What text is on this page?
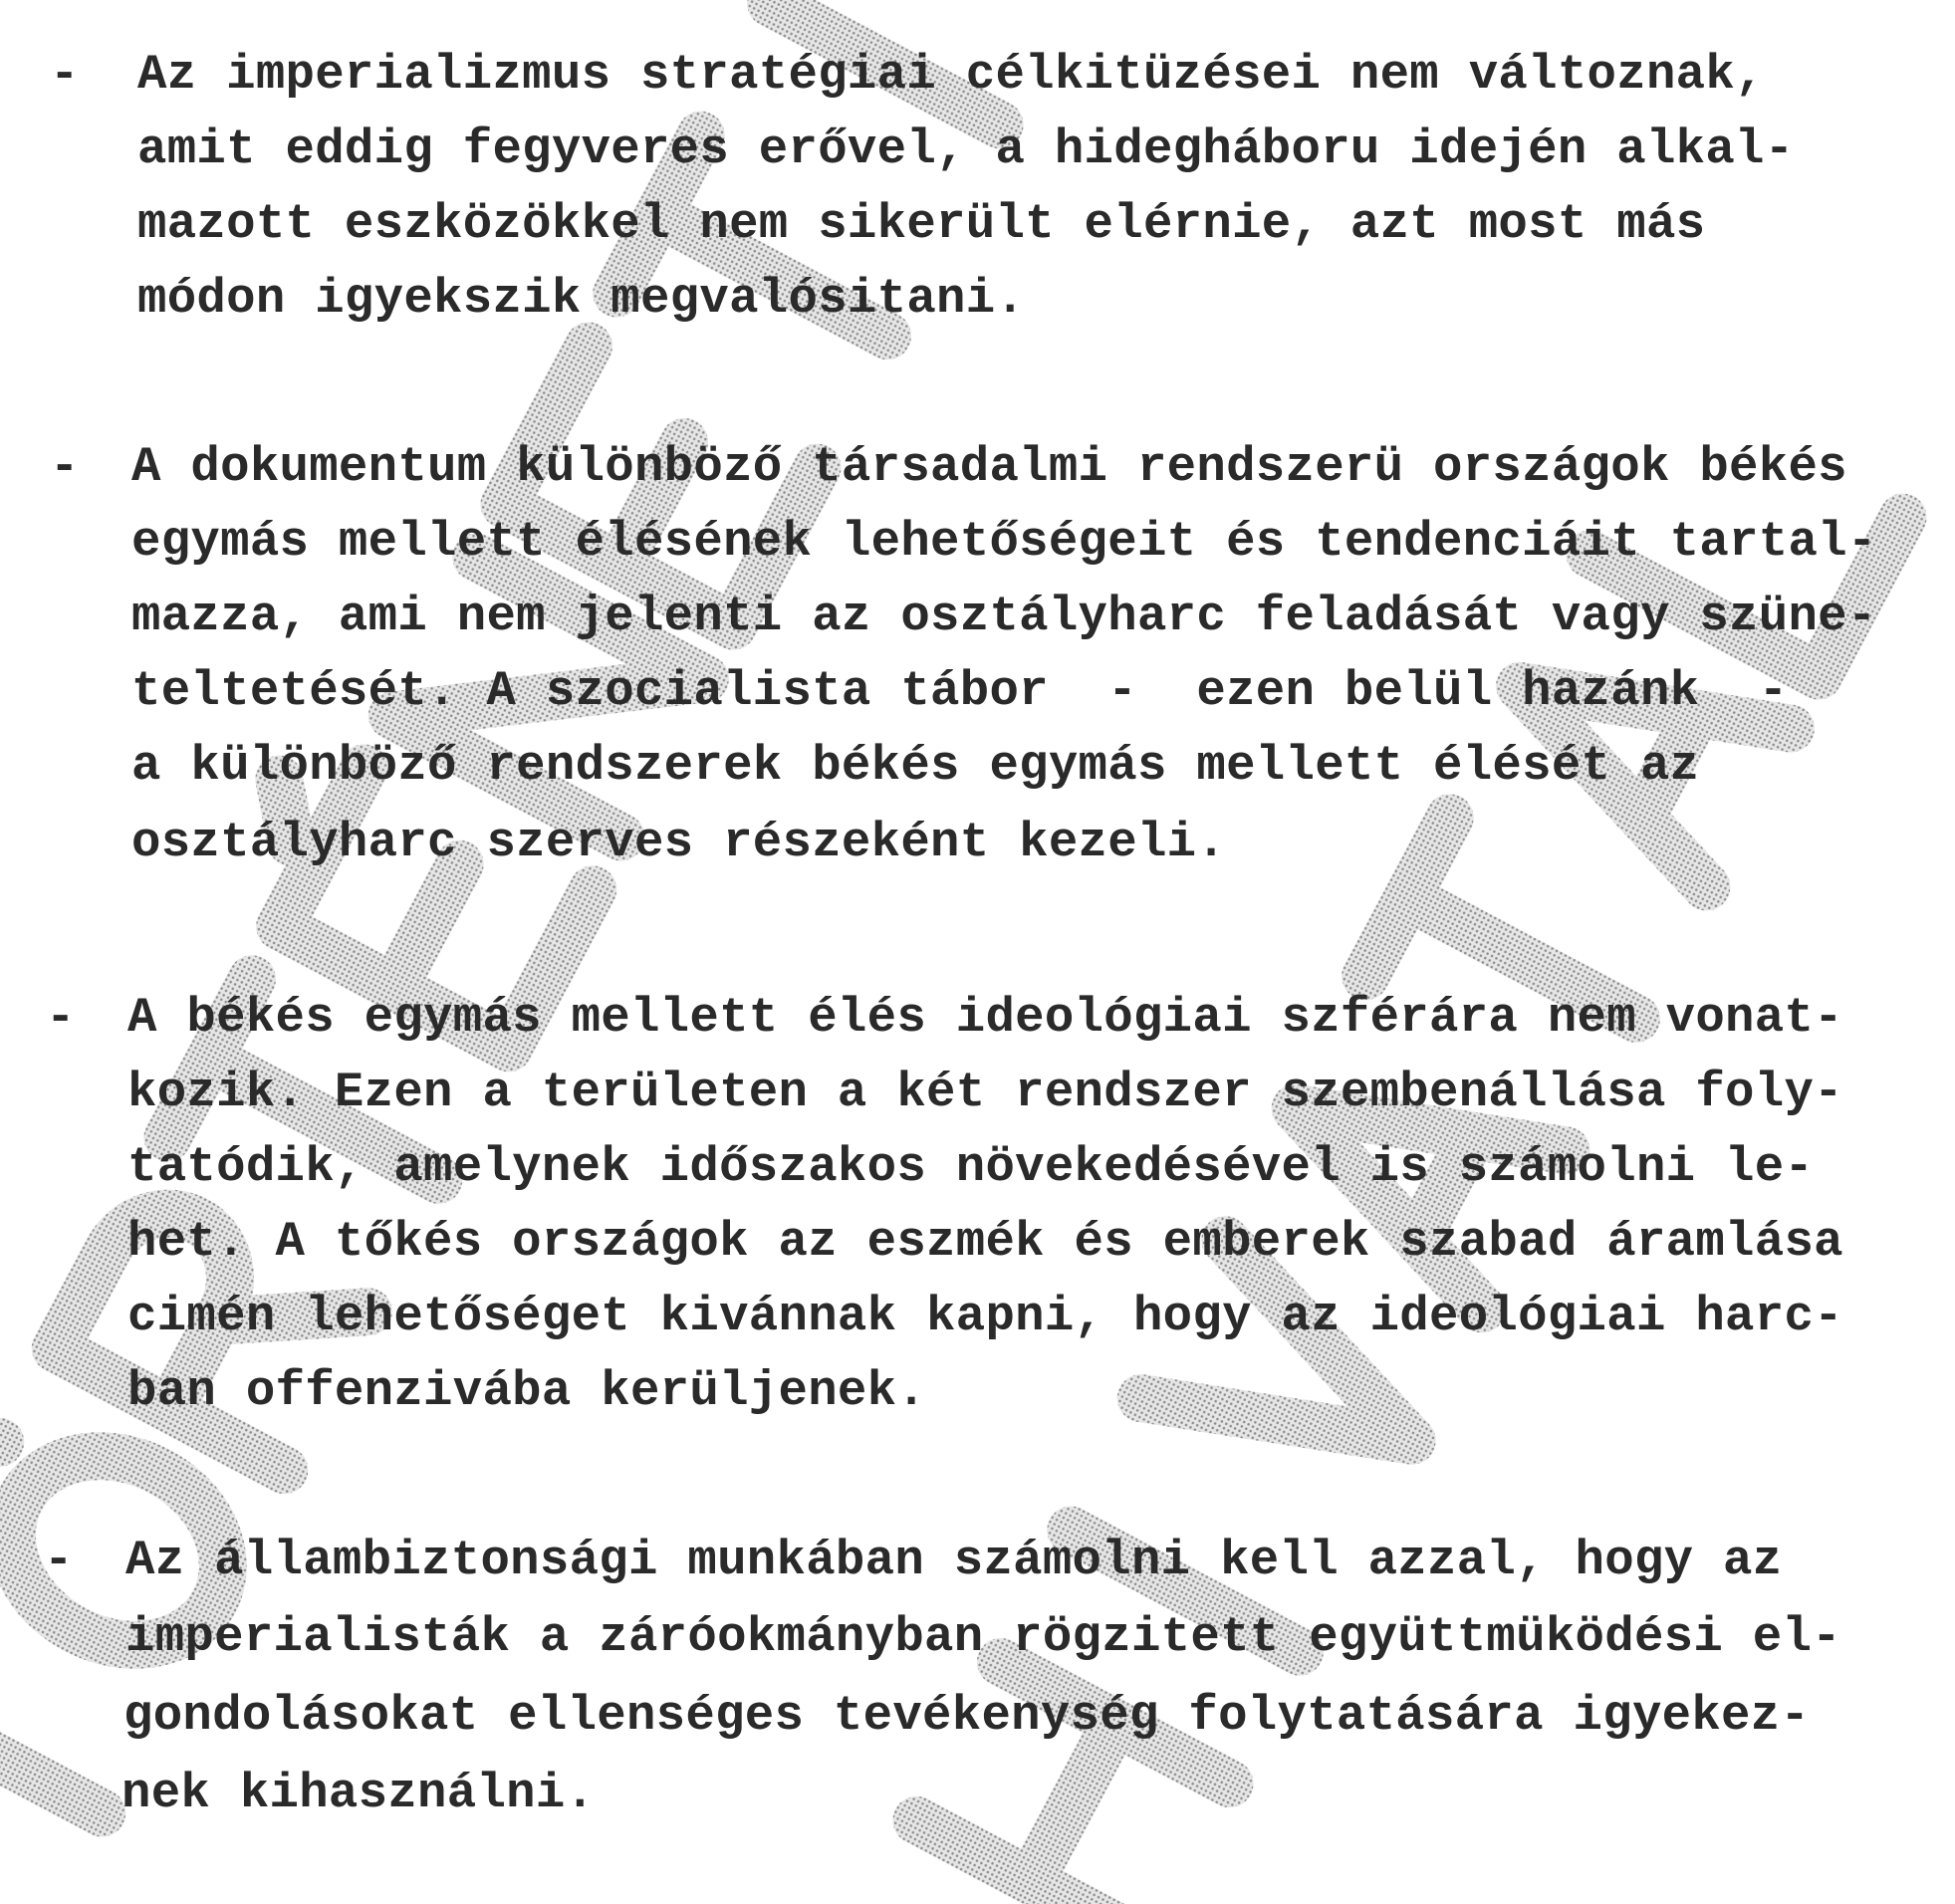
- Az imperializmus stratégiai célkitüzései nem változnak,
amit eddig fegyveres erővel, a hidegháboru idején alkal-
mazott eszközökkel nem sikerült elérnie, azt most más
módon igyekszik megvalósitani.
- A dokumentum különböző társadalmi rendszerü országok békés
egymás mellett élésének lehetőségeit és tendenciáit tartal-
mazza, ami nem jelenti az osztályharc feladását vagy szüne-
teltetését. A szocialista tábor  -  ezen belül hazánk  -
a különböző rendszerek békés egymás mellett élését az
osztályharc szerves részeként kezeli.
- A békés egymás mellett élés ideológiai szférára nem vonat-
kozik. Ezen a területen a két rendszer szembenállása foly-
tatódik, amelynek időszakos növekedésével is számolni le-
het. A tőkés országok az eszmék és emberek szabad áramlása
cimén lehetőséget kivánnak kapni, hogy az ideológiai harc-
ban offenzivába kerüljenek.
- Az állambiztonsági munkában számolni kell azzal, hogy az
imperialisták a záróokmányban rögzitett együttmüködési el-
gondolásokat ellenséges tevékenység folytatására igyekez-
nek kihasználni.
